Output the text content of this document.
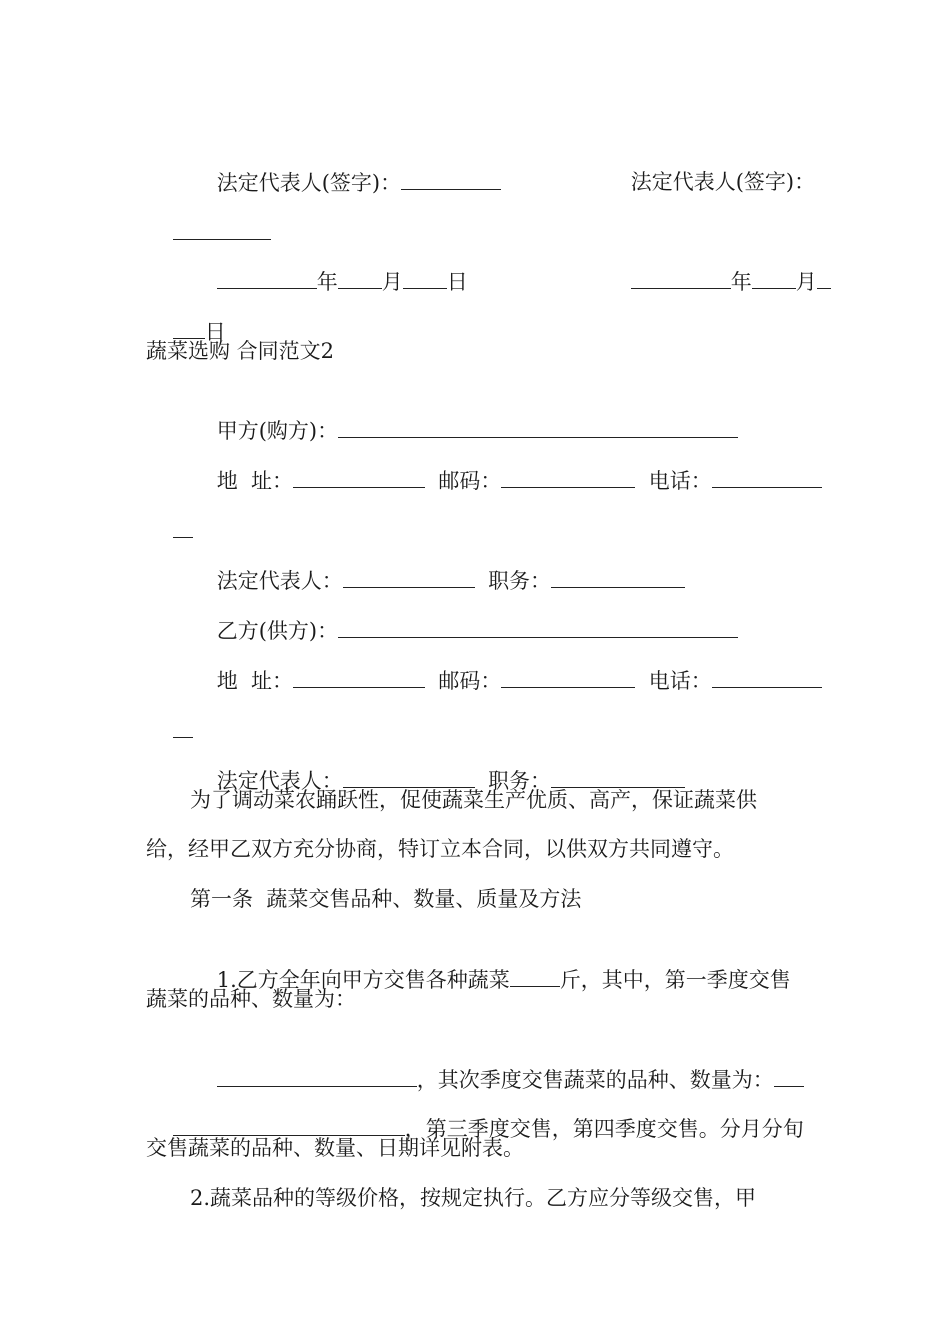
法定代表人(签字)：
	法定代表人(签字)：

年 月 日
	年 月

日

蔬菜选购 合同范文2

甲方(购方)：

地  址：	邮码：	电话：

法定代表人：	职务：

乙方(供方)：

地  址：	邮码：	电话：

法定代表人：	职务：

为了调动菜农踊跃性，促使蔬菜生产优质、高产，保证蔬菜供
给，经甲乙双方充分协商，特订立本合同，以供双方共同遵守。
第一条  蔬菜交售品种、数量、质量及方法

1.乙方全年向甲方交售各种蔬菜 斤，其中，第一季度交售

蔬菜的品种、数量为：

，其次季度交售蔬菜的品种、数量为：

，第三季度交售，第四季度交售。分月分旬

交售蔬菜的品种、数量、日期详见附表。
2.蔬菜品种的等级价格，按规定执行。乙方应分等级交售，甲
